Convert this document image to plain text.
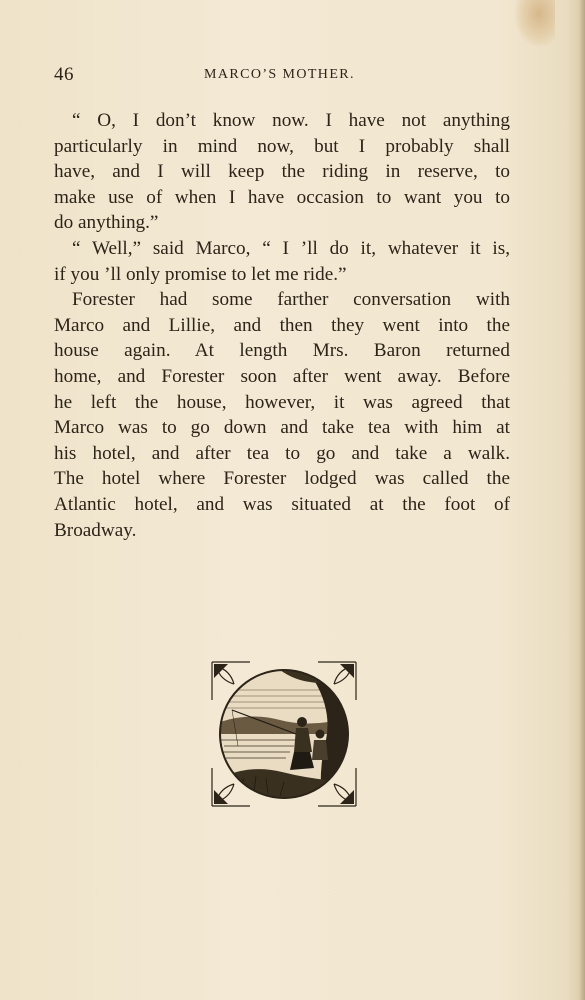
46	MARCO’S MOTHER.
“ O, I don’t know now. I have not anything
particularly in mind now, but I probably shall
have, and I will keep the riding in reserve, to
make use of when I have occasion to want you to
do anything.”
“ Well,” said Marco, “ I ’ll do it, whatever it is,
if you ’ll only promise to let me ride.”
Forester had some farther conversation with
Marco and Lillie, and then they went into the
house again. At length Mrs. Baron returned
home, and Forester soon after went away. Before
he left the house, however, it was agreed that
Marco was to go down and take tea with him at
his hotel, and after tea to go and take a walk.
The hotel where Forester lodged was called the
Atlantic hotel, and was situated at the foot of
Broadway.
